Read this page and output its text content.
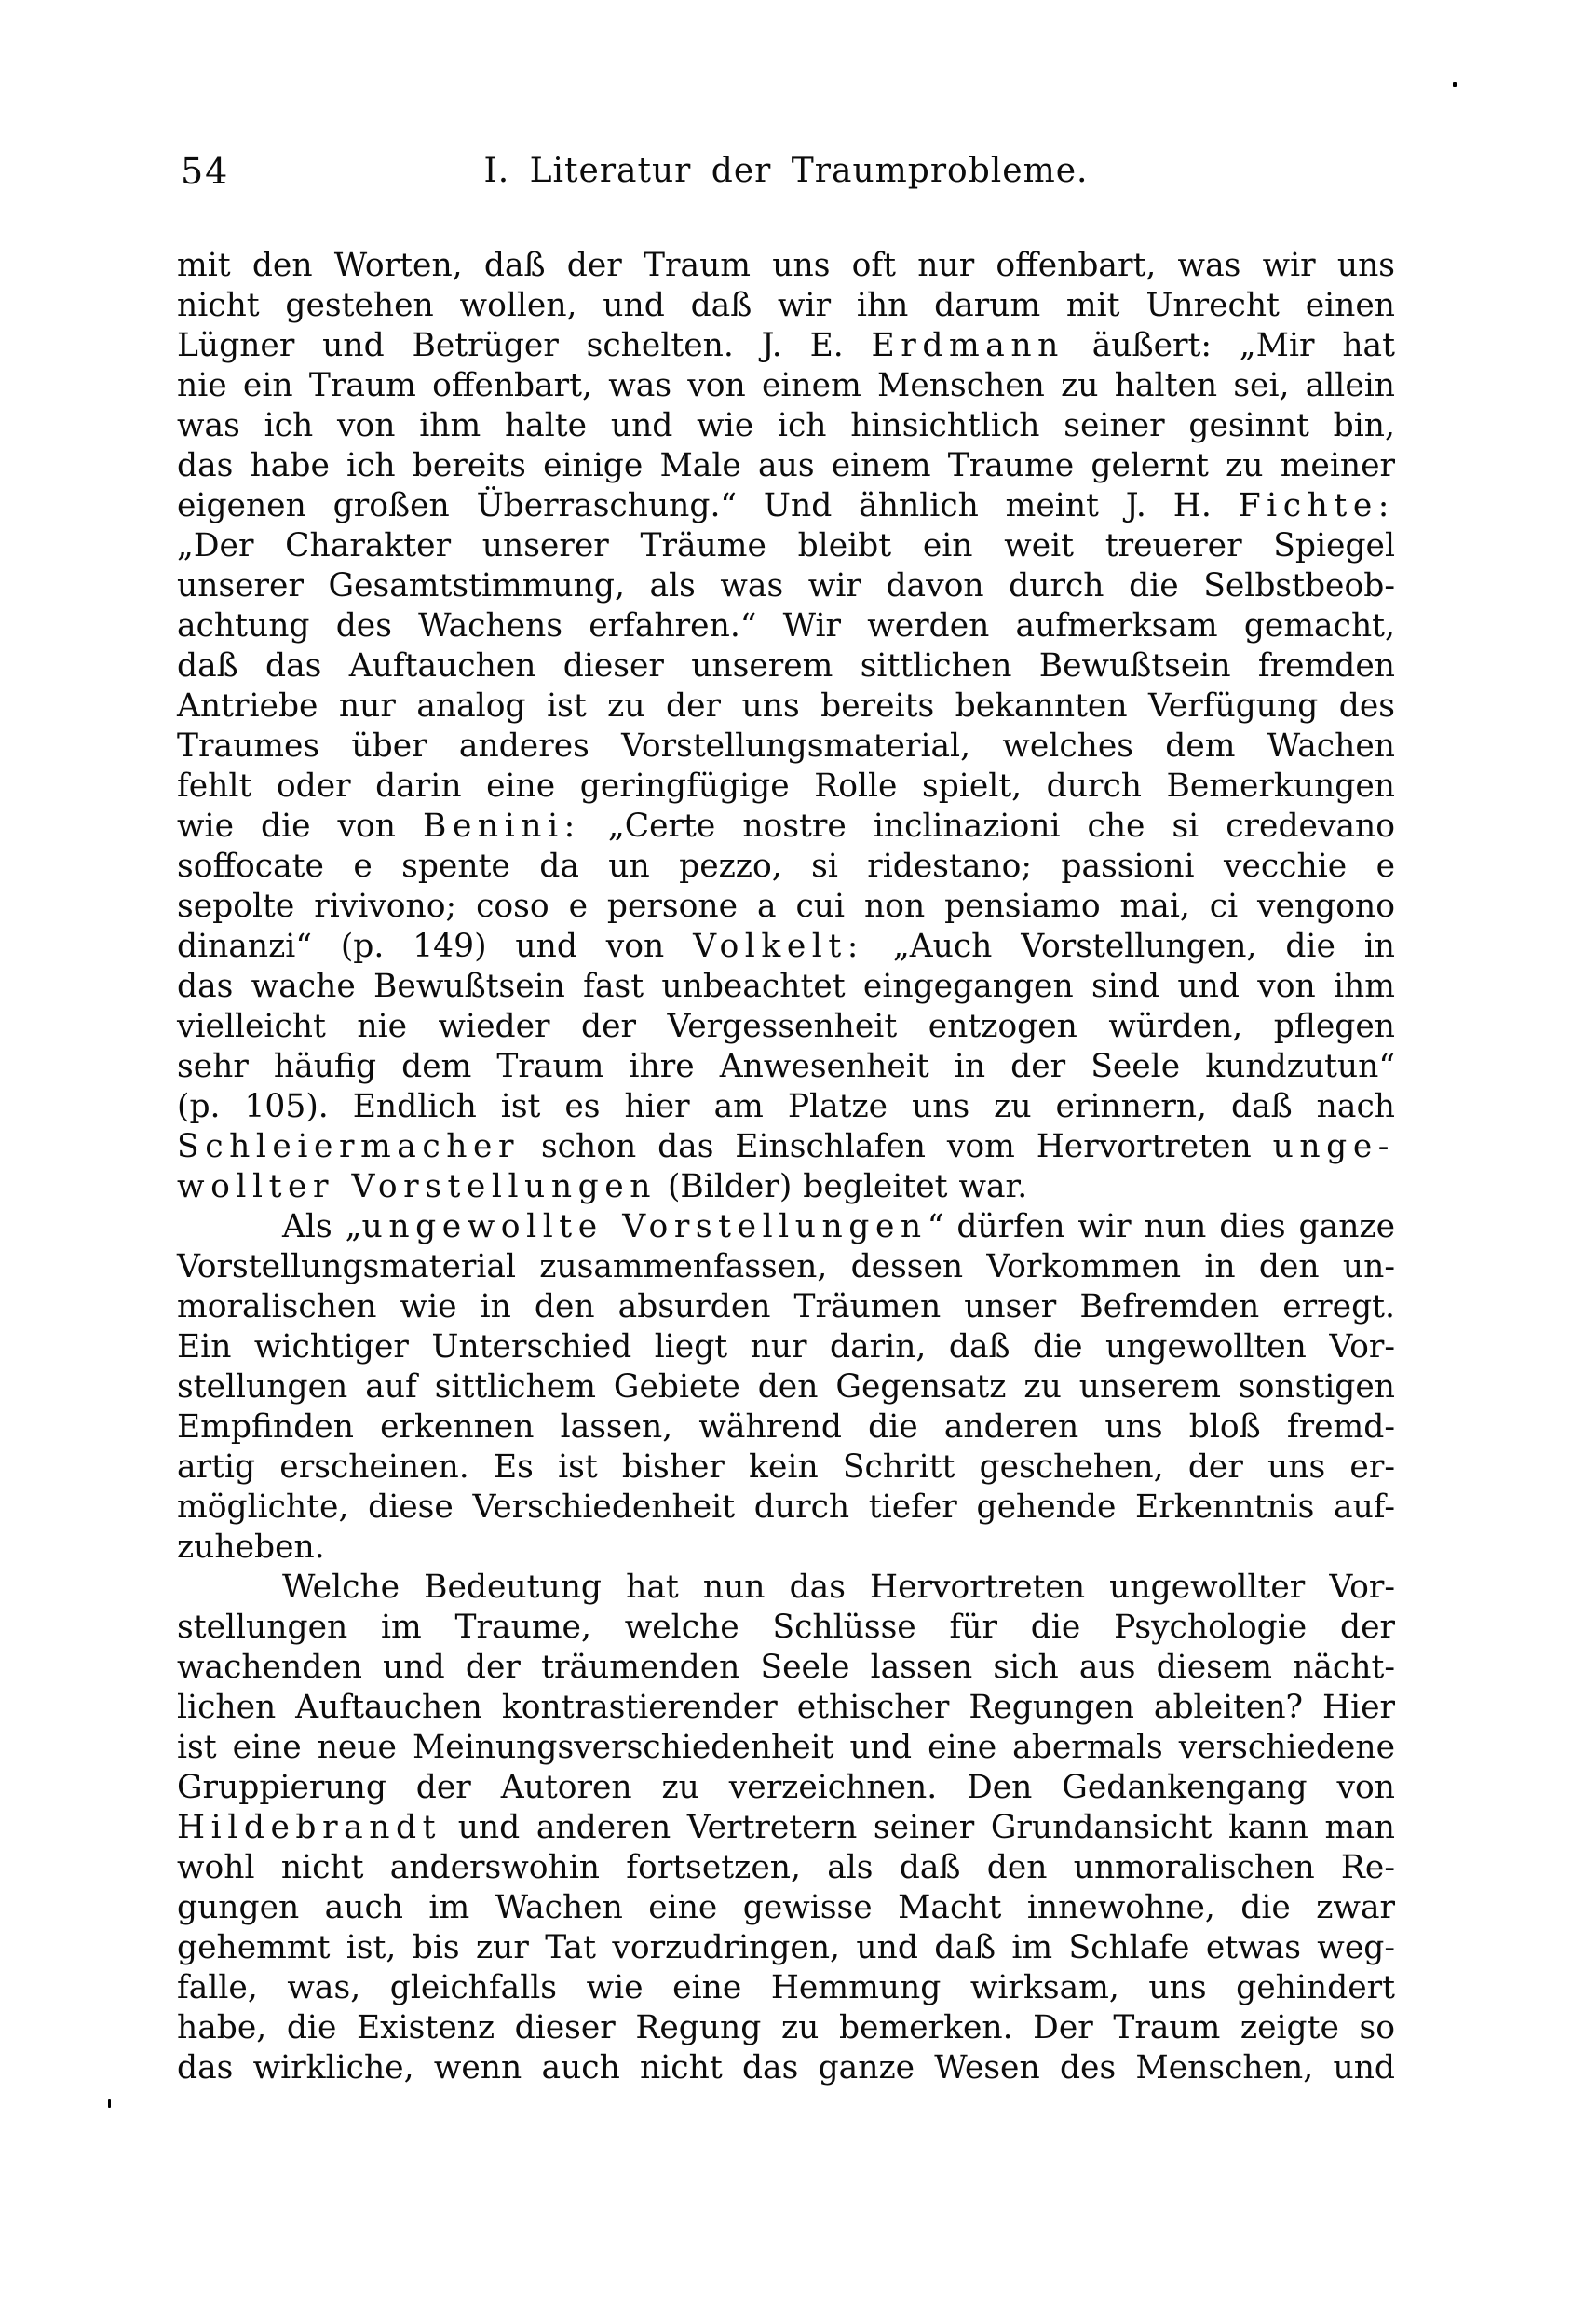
54	I. Literatur der Traumprobleme.
mit den Worten, daß der Traum uns oft nur offenbart, was wir uns
nicht gestehen wollen, und daß wir ihn darum mit Unrecht einen
Lügner und Betrüger schelten. J. E. Erdmann äußert: „Mir hat
nie ein Traum offenbart, was von einem Menschen zu halten sei, allein
was ich von ihm halte und wie ich hinsichtlich seiner gesinnt bin,
das habe ich bereits einige Male aus einem Traume gelernt zu meiner
eigenen großen Überraschung.“ Und ähnlich meint J. H. Fichte:
„Der Charakter unserer Träume bleibt ein weit treuerer Spiegel
unserer Gesamtstimmung, als was wir davon durch die Selbstbeob-
achtung des Wachens erfahren.“ Wir werden aufmerksam gemacht,
daß das Auftauchen dieser unserem sittlichen Bewußtsein fremden
Antriebe nur analog ist zu der uns bereits bekannten Verfügung des
Traumes über anderes Vorstellungsmaterial, welches dem Wachen
fehlt oder darin eine geringfügige Rolle spielt, durch Bemerkungen
wie die von Benini: „Certe nostre inclinazioni che si credevano
soffocate e spente da un pezzo, si ridestano; passioni vecchie e
sepolte rivivono; coso e persone a cui non pensiamo mai, ci vengono
dinanzi“ (p. 149) und von Volkelt: „Auch Vorstellungen, die in
das wache Bewußtsein fast unbeachtet eingegangen sind und von ihm
vielleicht nie wieder der Vergessenheit entzogen würden, pflegen
sehr häufig dem Traum ihre Anwesenheit in der Seele kundzutun“
(p. 105). Endlich ist es hier am Platze uns zu erinnern, daß nach
Schleiermacher schon das Einschlafen vom Hervortreten unge-
wollter Vorstellungen (Bilder) begleitet war.
Als „ungewollte Vorstellungen“ dürfen wir nun dies ganze
Vorstellungsmaterial zusammenfassen, dessen Vorkommen in den un-
moralischen wie in den absurden Träumen unser Befremden erregt.
Ein wichtiger Unterschied liegt nur darin, daß die ungewollten Vor-
stellungen auf sittlichem Gebiete den Gegensatz zu unserem sonstigen
Empfinden erkennen lassen, während die anderen uns bloß fremd-
artig erscheinen. Es ist bisher kein Schritt geschehen, der uns er-
möglichte, diese Verschiedenheit durch tiefer gehende Erkenntnis auf-
zuheben.
Welche Bedeutung hat nun das Hervortreten ungewollter Vor-
stellungen im Traume, welche Schlüsse für die Psychologie der
wachenden und der träumenden Seele lassen sich aus diesem nächt-
lichen Auftauchen kontrastierender ethischer Regungen ableiten? Hier
ist eine neue Meinungsverschiedenheit und eine abermals verschiedene
Gruppierung der Autoren zu verzeichnen. Den Gedankengang von
Hildebrandt und anderen Vertretern seiner Grundansicht kann man
wohl nicht anderswohin fortsetzen, als daß den unmoralischen Re-
gungen auch im Wachen eine gewisse Macht innewohne, die zwar
gehemmt ist, bis zur Tat vorzudringen, und daß im Schlafe etwas weg-
falle, was, gleichfalls wie eine Hemmung wirksam, uns gehindert
habe, die Existenz dieser Regung zu bemerken. Der Traum zeigte so
das wirkliche, wenn auch nicht das ganze Wesen des Menschen, und
